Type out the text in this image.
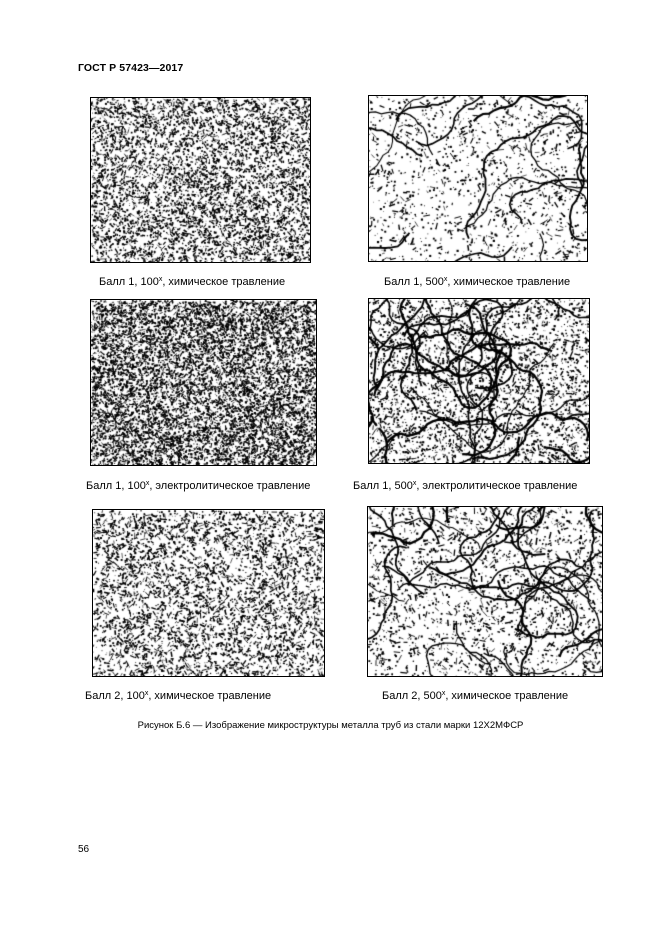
ГОСТ Р 57423—2017
Балл 1, $100^х$, химическое травление	Балл 1, $500^х$, химическое травление
Балл 1, $100^х$, электролитическое травление	Балл 1, $500^х$, электролитическое травление
Балл 2, $100^х$, химическое травление	Балл 2, $500^х$, химическое травление
Рисунок Б.6 — Изображение микроструктуры металла труб из стали марки 12Х2МФСР
56
